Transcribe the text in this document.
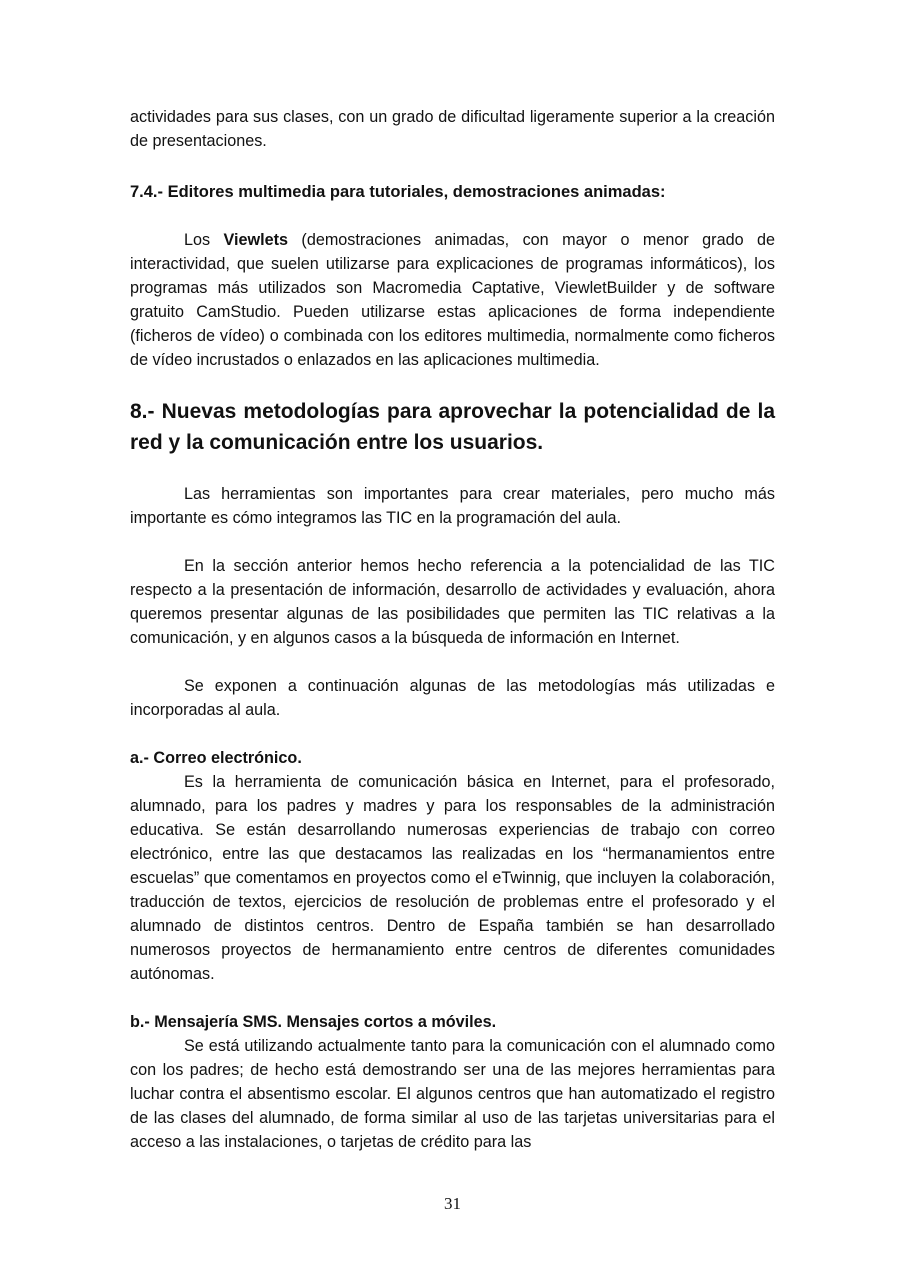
actividades para sus clases, con un grado de dificultad ligeramente superior a la creación de presentaciones.

7.4.- Editores multimedia para tutoriales, demostraciones animadas:

Los Viewlets (demostraciones animadas, con mayor o menor grado de interactividad, que suelen utilizarse para explicaciones de programas informáticos), los programas más utilizados son Macromedia Captative, ViewletBuilder y de software gratuito CamStudio. Pueden utilizarse estas aplicaciones de forma independiente (ficheros de vídeo) o combinada con los editores multimedia, normalmente como ficheros de vídeo incrustados o enlazados en las aplicaciones multimedia.

8.- Nuevas metodologías para aprovechar la potencialidad de la red y la comunicación entre los usuarios.

Las herramientas son importantes para crear materiales, pero mucho más importante es cómo integramos las TIC en la programación del aula.

En la sección anterior hemos hecho referencia a la potencialidad de las TIC respecto a la presentación de información, desarrollo de actividades y evaluación, ahora queremos presentar algunas de las posibilidades que permiten las TIC relativas a la comunicación, y en algunos casos a la búsqueda de información en Internet.

Se exponen a continuación algunas de las metodologías más utilizadas e incorporadas al aula.

a.- Correo electrónico.

Es la herramienta de comunicación básica en Internet, para el profesorado, alumnado, para los padres y madres y para los responsables de la administración educativa. Se están desarrollando numerosas experiencias de trabajo con correo electrónico, entre las que destacamos las realizadas en los “hermanamientos entre escuelas” que comentamos en proyectos como el eTwinnig, que incluyen la colaboración, traducción de textos, ejercicios de resolución de problemas entre el profesorado y el alumnado de distintos centros. Dentro de España también se han desarrollado numerosos proyectos de hermanamiento entre centros de diferentes comunidades autónomas.

b.- Mensajería SMS. Mensajes cortos a móviles.

Se está utilizando actualmente tanto para la comunicación con el alumnado como con los padres; de hecho está demostrando ser una de las mejores herramientas para luchar contra el absentismo escolar. El algunos centros que han automatizado el registro de las clases del alumnado, de forma similar al uso de las tarjetas universitarias para el acceso a las instalaciones, o tarjetas de crédito para las

31
